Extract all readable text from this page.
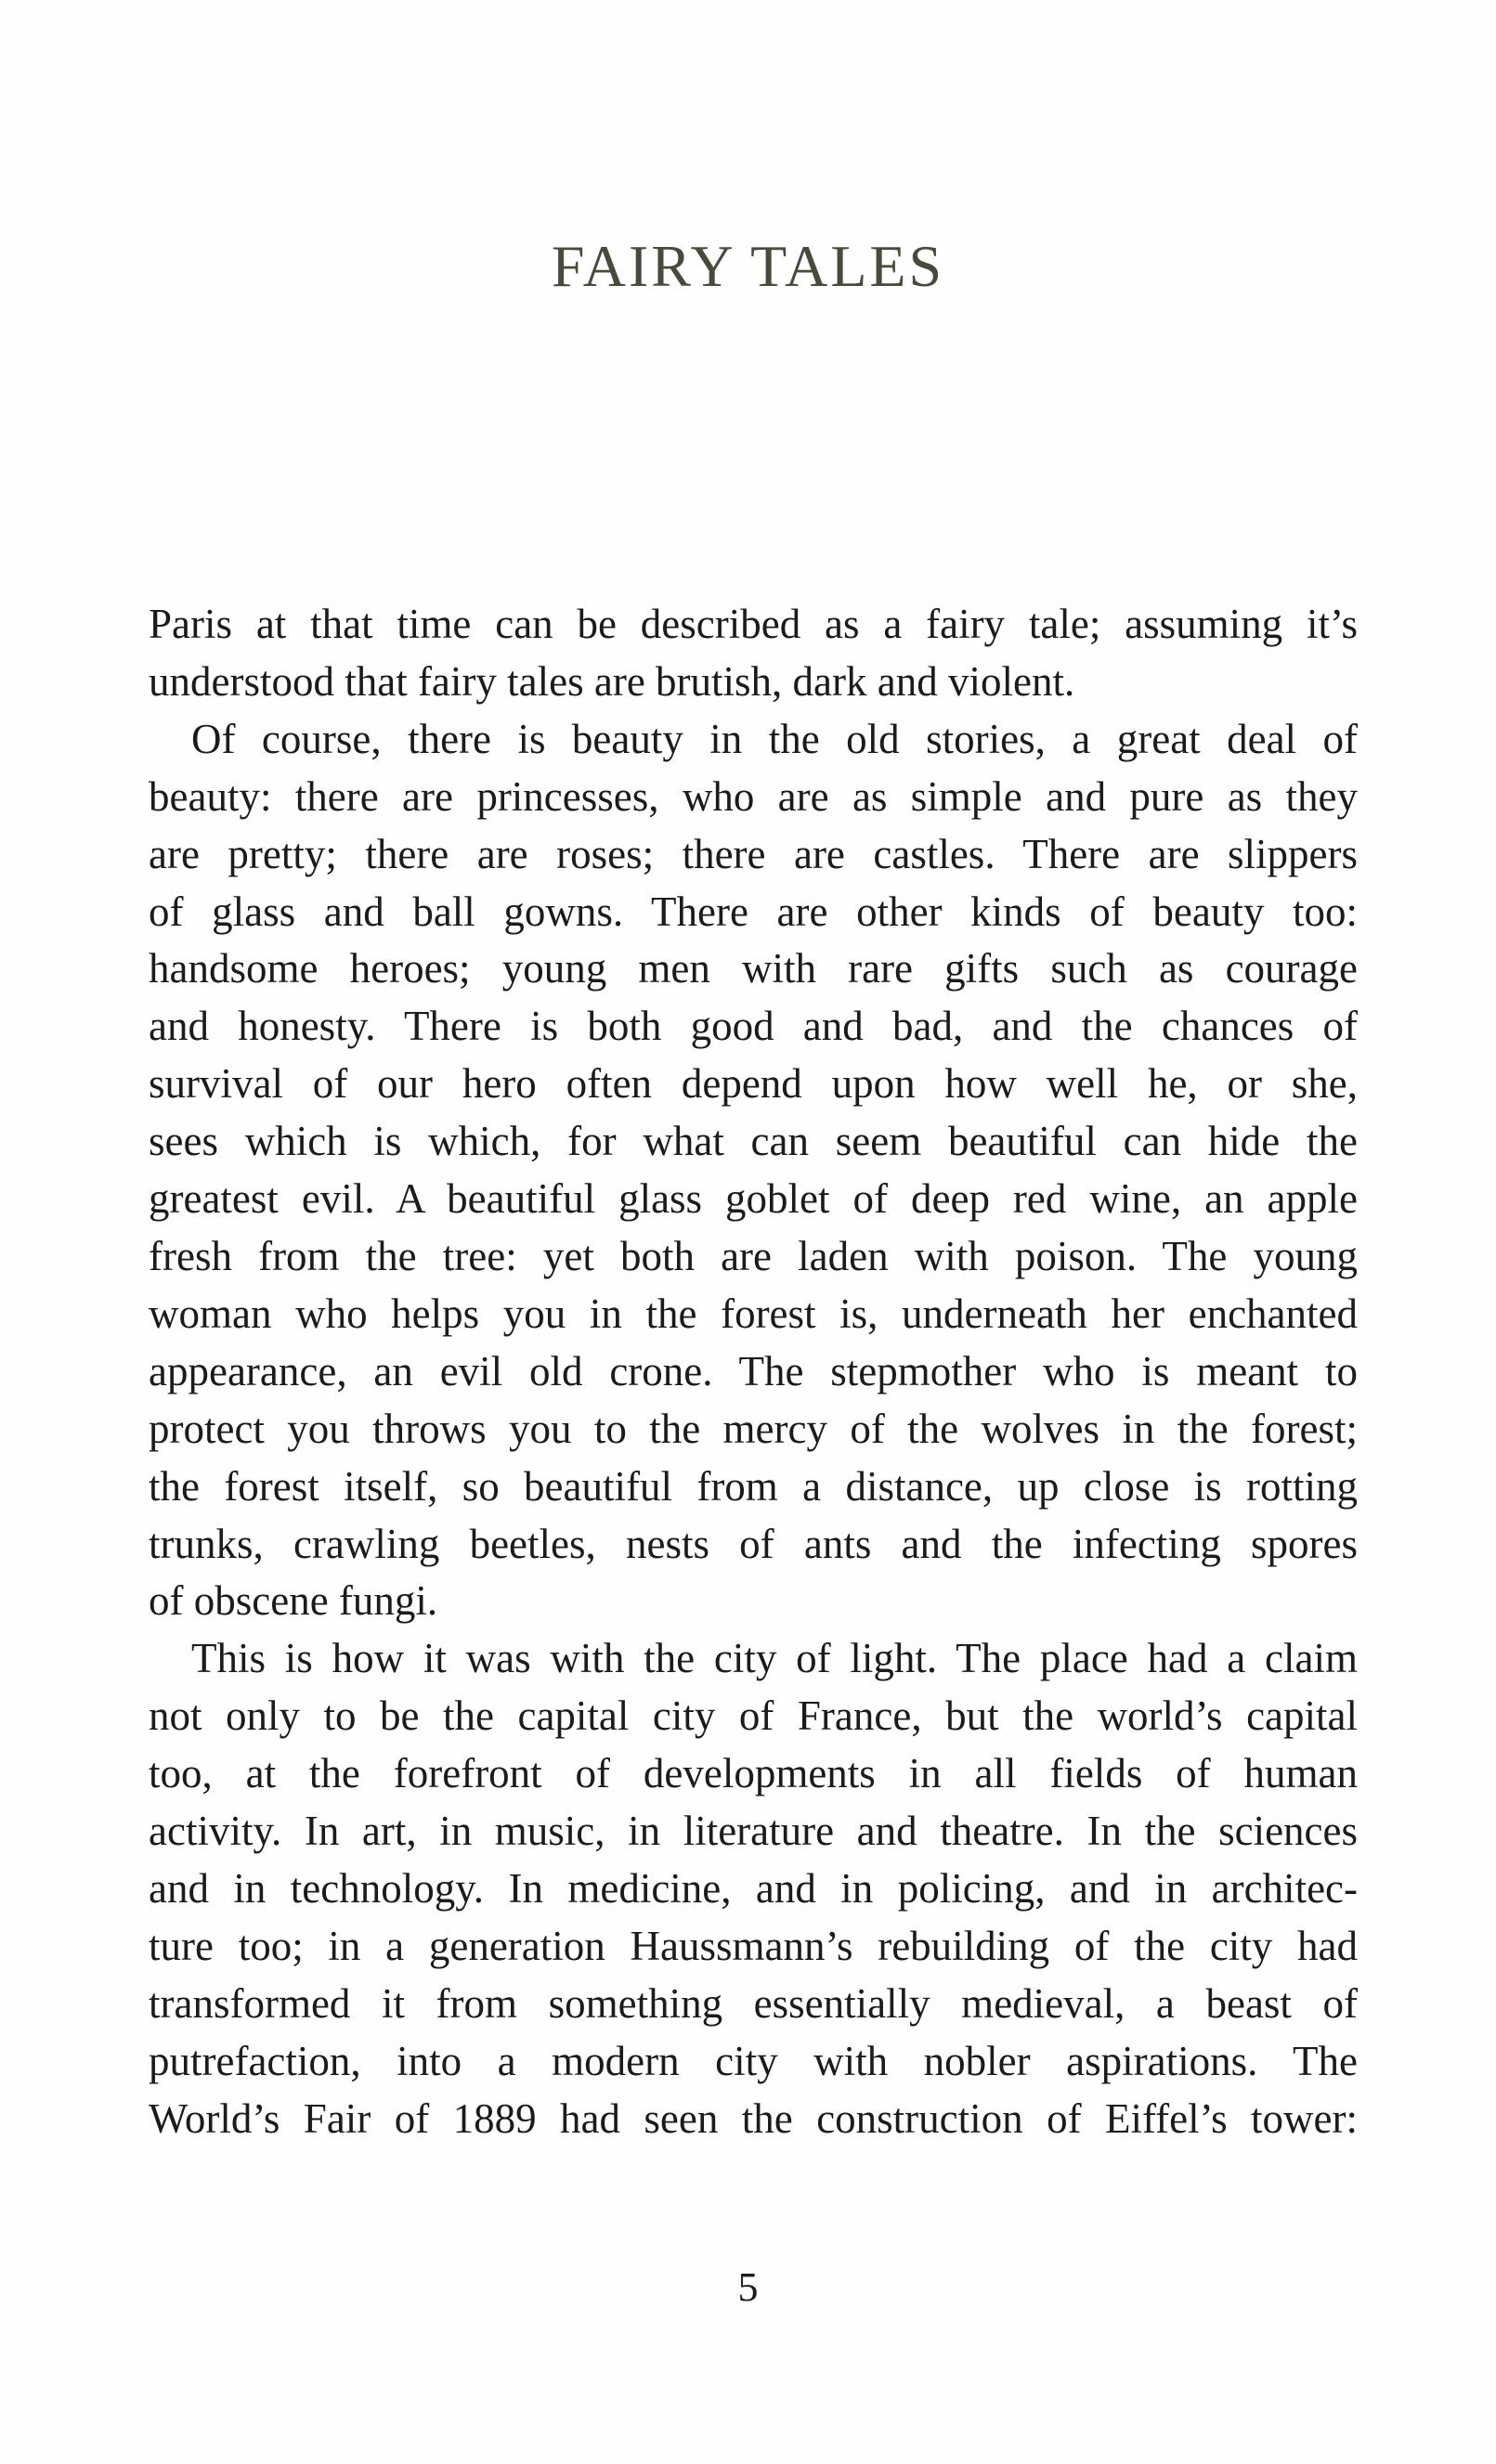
FAIRY TALES

Paris at that time can be described as a fairy tale; assuming it’s
understood that fairy tales are brutish, dark and violent.

Of course, there is beauty in the old stories, a great deal of
beauty: there are princesses, who are as simple and pure as they
are pretty; there are roses; there are castles. There are slippers
of glass and ball gowns. There are other kinds of beauty too:
handsome heroes; young men with rare gifts such as courage
and honesty. There is both good and bad, and the chances of
survival of our hero often depend upon how well he, or she,
sees which is which, for what can seem beautiful can hide the
greatest evil. A beautiful glass goblet of deep red wine, an apple
fresh from the tree: yet both are laden with poison. The young
woman who helps you in the forest is, underneath her enchanted
appearance, an evil old crone. The stepmother who is meant to
protect you throws you to the mercy of the wolves in the forest;
the forest itself, so beautiful from a distance, up close is rotting
trunks, crawling beetles, nests of ants and the infecting spores
of obscene fungi.

This is how it was with the city of light. The place had a claim
not only to be the capital city of France, but the world’s capital
too, at the forefront of developments in all fields of human
activity. In art, in music, in literature and theatre. In the sciences
and in technology. In medicine, and in policing, and in architec-
ture too; in a generation Haussmann’s rebuilding of the city had
transformed it from something essentially medieval, a beast of
putrefaction, into a modern city with nobler aspirations. The
World’s Fair of 1889 had seen the construction of Eiffel’s tower:

5
